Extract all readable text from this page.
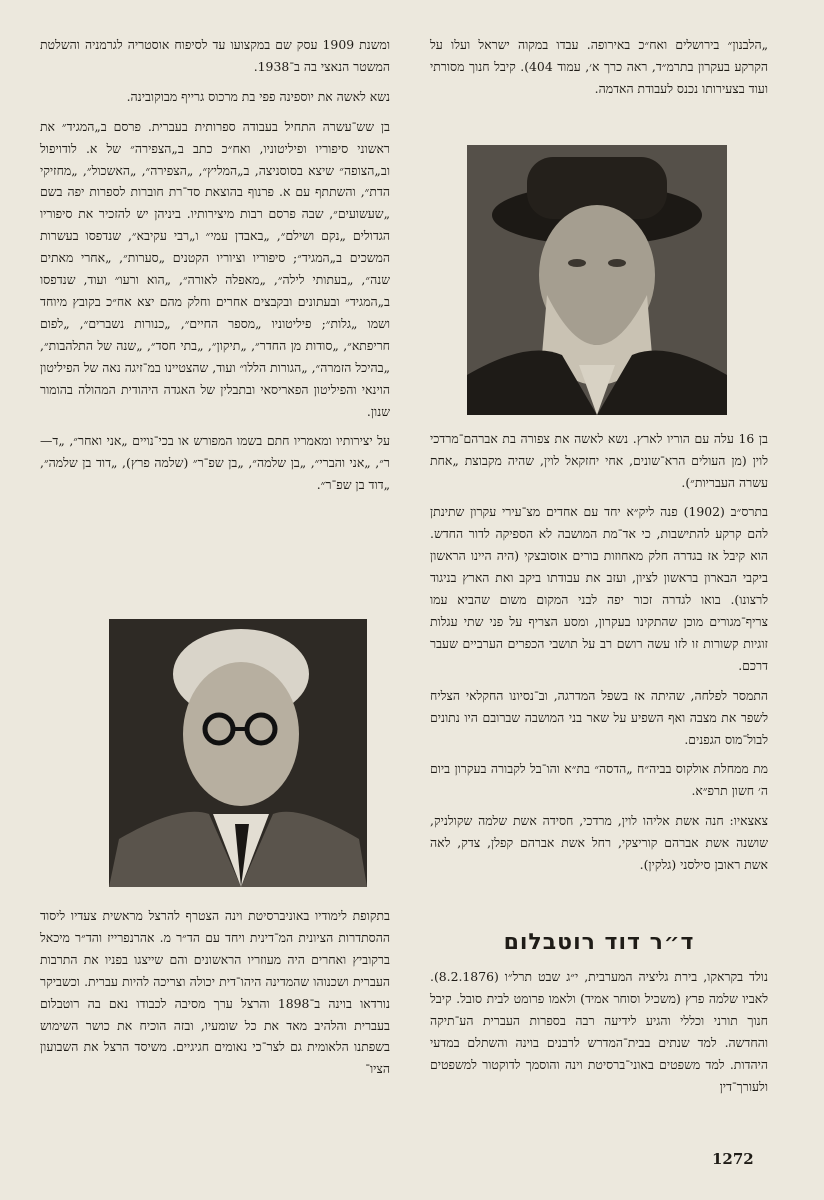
„הלבנון״ בירושלים ואח״כ באירופה. עבדו במקוה ישראל ועלו על הקרקע בעקרון בתרמ״ד, ראה כרך א׳, עמוד 404). קיבל חנוך מסורתי ועוד בצעירותו נכנס לעבודת האדמה.

בן 16 עלה עם הוריו לארץ. נשא לאשה את צפורה בת אברהם־מרדכי לוין (מן העולים הרא־שונים, אחי יחזקאל לוין, שהיה מקבוצת „אחת עשרה העבריות״).

בתרס״ב (1902) פנה ליק״א יחד עם אחדים מצ־עירי עקרון שתינתן להם קרקע להתישבות, כי אד־מת המושבה לא הספיקה לדור החדש. הוא קיבל אז בגדרה חלק מאחוזות בורים אוסובצקי (היה היינו הראשון ביקבי הבארון בראשון לציון, ועזב את עבודתו ביקב ואת הארץ בניגוד לרצונו). בואו לגדרה זכור יפה לבני המקום משום שהביא עמו צריף־מגורים מוכן שהתקינו בעקרון, ומסע הצריף על פני שתי עגלות זוגיות קשורות זו לזו עשה רושם רב על תושבי הכפרים הערביים שעבר דרכם.

התמסר לפלחה, שהיתה אז בשפל המדרגה, וב־נסיונו החקלאי הצליח לשפר את מצבה ואף השפיע על שאר בני המושבה שברובם היו נתונים לבול־מוס הגפנים.

מת ממחלת אולקוס בביה״ח „הדסה״ בת״א והו־בל לקבורה בעקרון ביום ה׳ חשון תרפ״א.

צאצאיו: חנה אשת אליהו לוין, מרדכי, חסידה אשת שלמה שקולניק, שושנה אשת אברהם קוריצקי, רחל אשת אברהם קפלן, צדק, לאה אשת ראובן סילסני (גלקין).

ד״ר דוד רוטבלום

נולד בקראקו, בירת גליציה המערבית, י״ג שבט תרל״ו (8.2.1876). לאביו שלמה פרץ (משכיל וסוחר אמיד) ולאמו פרומט לבית סובל. קיבל חנוך תורני וכללי והגיע לידיעה רבה בספרות העברית הע־תיקה והחדשה. למד שנתים בבית־המדרש לרבנים בוינה והשתלם במדעי היהדות. למד משפטים באוני־ברסיטת וינה והוסמך לדוקטור למשפטים ולעורך־דין

ומשנת 1909 עסק שם במקצועו עד לסיפוח אוסטריה לגרמניה והשלטת המשטר הנאצי בה ב־1938.

נשא לאשה את יוספינה פפי בת מרכוס גרייף מבוקובינה.

בן שש־עשרה התחיל בעבודה ספרותית בעברית. פרסם ב„המגיד״ את ראשוני סיפוריו ופיליטוניו, ואח״כ כתב ב„הצפירה״ של א. לודויפול וב„הצופה״ שיצא בסוסניצה, ב„המליץ״, „הצפירה״, „האשכול״, „מחזיקי הדת״, והשתתף עם א. פרנוף בהוצאת סד־רת חוברות לספרות יפה בשם „שעשועים״, שבה פרסם רבות מיצירותיו. ביניהן יש להזכיר את סיפוריו הגדולים „נקם ושילם״, „באבדן עמי״ ו„רבי עקיבא״, שנדפסו בעשרות המשכים ב„המגיד״; סיפוריו וציוריו הקטנים „סערות״, „אחרי מאתים שנה״, „בעתותי לילה״, „מאפלה לאורה״, „הוא ורעו״ ועוד, שנדפסו ב„המגיד״ ובעתונים ובקבצים אחרים וחלק מהם יצא אח״כ בקובץ מיוחד ושמו „גלות״; פיליטוניו „מספר החיים״, „כנורות נשברים״, „לפום חריפתא״, „סודות מן החדר״, „תיקון״, „בתי חסד״, „שנה של התלהבות״, „בהיכל הזמרה״, „הגורות הללו״ ועוד, שהצטיינו במ־זיגה נאה של הפיליטון הוינאי והפיליטון הפאריסאי ובתבלין של האגדה היהודית המהולה בהומור שנון.

על יצירותיו ומאמריו חתם בשמו המפורש או בכי־נויים „אני ואחר״, „ד—ר״, „אני והברי״, „בן שלמה״, „בן שפ־ר״ (שלמה פרץ), „דוד בן שלמה״, „דוד בן שפ־ר״.

בתקופת לימודיו באוניברסיטת וינה הצטרף להרצל מראשית צעדיו ליסוד ההסתדרות הציונית המ־דינית ויחד עם הד״ר מ. אהרנפרייז והד״ר מיכאל ברקוביץ ואחרים היה מעוזריו הראשונים והם שייצגו בפניו את התרבות העברית ושכנוהו שהמדינה היהו־דית יכולה וצריכה להיות עברית. וכשביקר נורדאו בוינה ב־1898 והרצל ערך מסיבה לכבודו נאם בה רוטבלום בעברית והלהיב מאד את כל שומעיו, ובזה הוכיח את כושר השימוש בשפתנו הלאומית גם לצר־כי נאומים חגיגיים. משיסד הרצל את השבועון הציו־

1272
